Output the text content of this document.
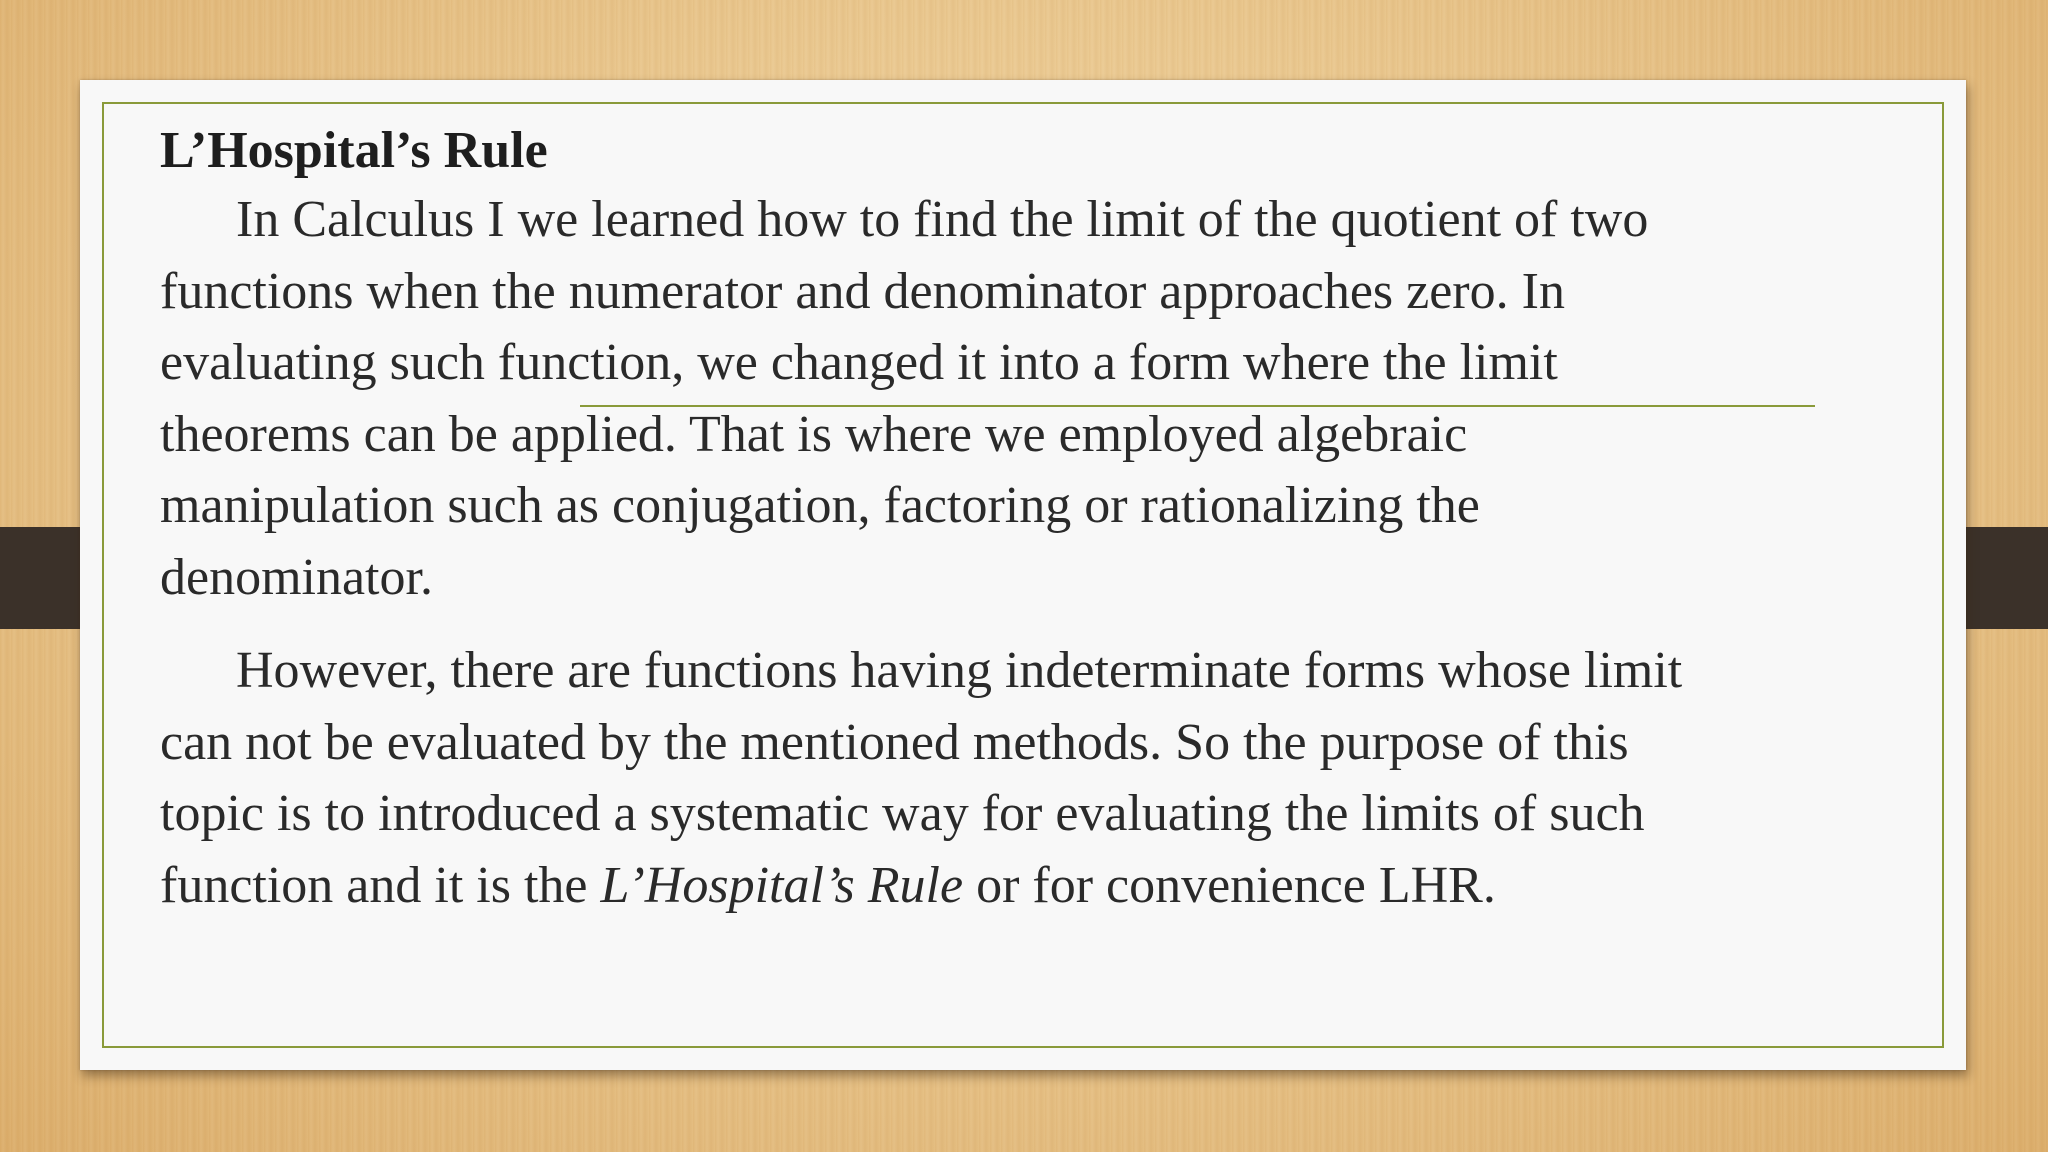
L’Hospital’s Rule

In Calculus I we learned how to find the limit of the quotient of two

functions when the numerator and denominator approaches zero. In

evaluating such function, we changed it into a form where the limit

theorems can be applied. That is where we employed algebraic

manipulation such as conjugation, factoring or rationalizing the

denominator.

However, there are functions having indeterminate forms whose limit

can not be evaluated by the mentioned methods. So the purpose of this

topic is to introduced a systematic way for evaluating the limits of such

function and it is the L’Hospital’s Rule or for convenience LHR.
